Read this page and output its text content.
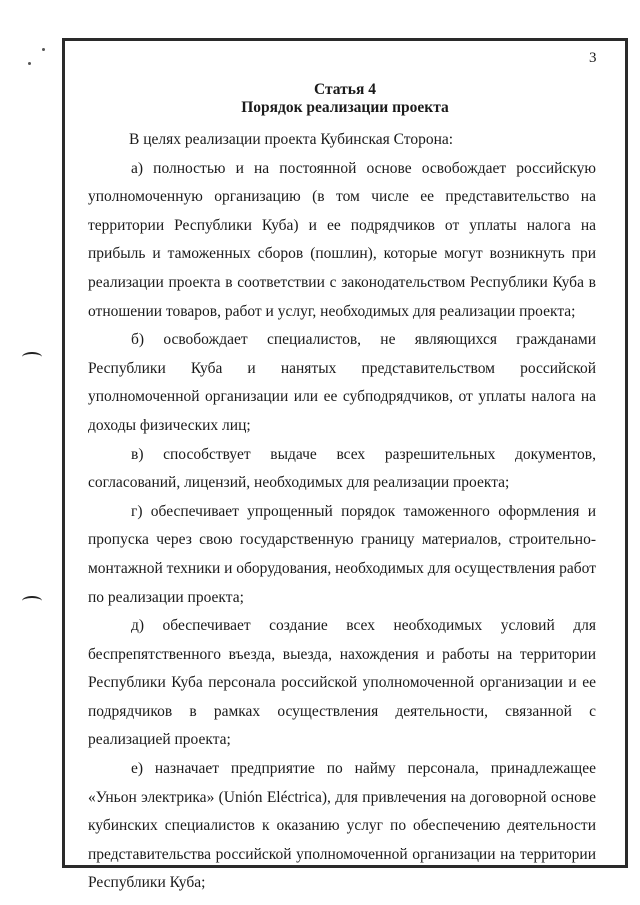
3
Статья 4
Порядок реализации проекта

В целях реализации проекта Кубинская Сторона:

а) полностью и на постоянной основе освобождает российскую уполномоченную организацию (в том числе ее представительство на территории Республики Куба) и ее подрядчиков от уплаты налога на прибыль и таможенных сборов (пошлин), которые могут возникнуть при реализации проекта в соответствии с законодательством Республики Куба в отношении товаров, работ и услуг, необходимых для реализации проекта;

б) освобождает специалистов, не являющихся гражданами Республики Куба и нанятых представительством российской уполномоченной организации или ее субподрядчиков, от уплаты налога на доходы физических лиц;

в) способствует выдаче всех разрешительных документов, согласований, лицензий, необходимых для реализации проекта;

г) обеспечивает упрощенный порядок таможенного оформления и пропуска через свою государственную границу материалов, строительно-монтажной техники и оборудования, необходимых для осуществления работ по реализации проекта;

д) обеспечивает создание всех необходимых условий для беспрепятственного въезда, выезда, нахождения и работы на территории Республики Куба персонала российской уполномоченной организации и ее подрядчиков в рамках осуществления деятельности, связанной с реализацией проекта;

е) назначает предприятие по найму персонала, принадлежащее «Уньон электрика» (Unión Eléctrica), для привлечения на договорной основе кубинских специалистов к оказанию услуг по обеспечению деятельности представительства российской уполномоченной организации на территории Республики Куба;
